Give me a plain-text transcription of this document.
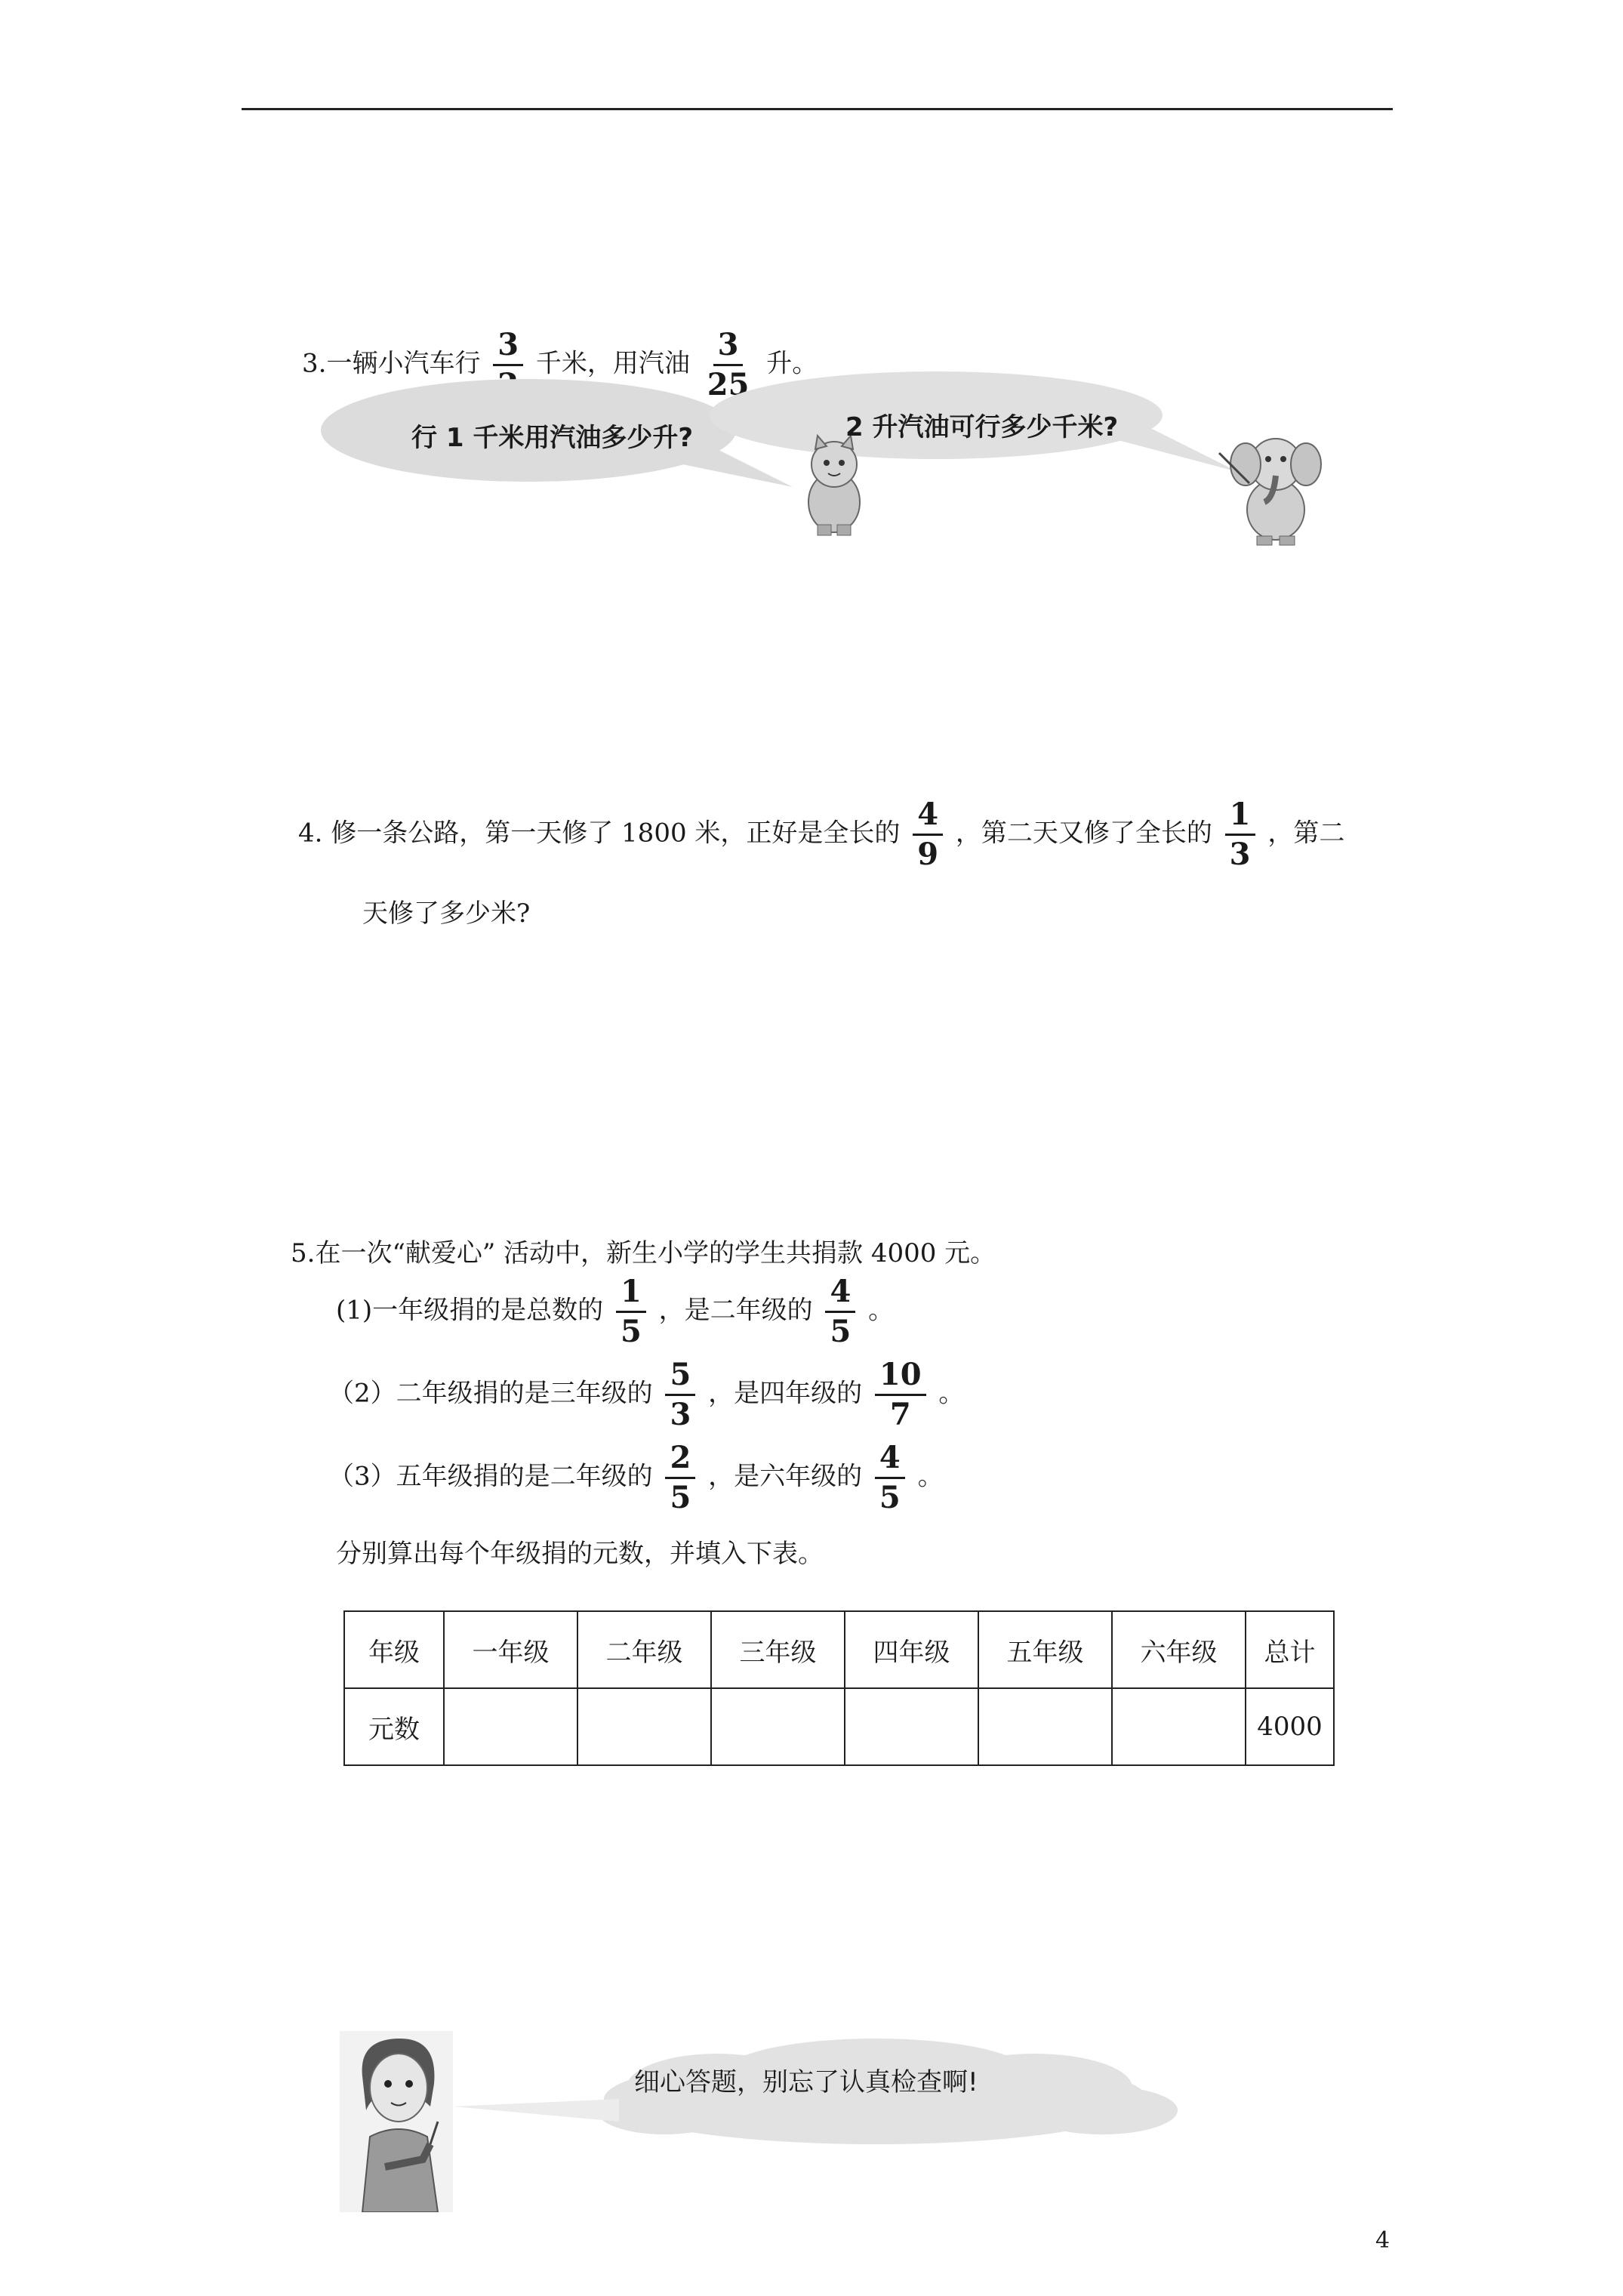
3.一辆小汽车行
3
千米，用汽油 $\frac{3}{25}$ 升。
行 1 千米用汽油多少升?	2 升汽油可行多少千米?
4. 修一条公路，第一天修了 1800 米，正好是全长的 $\frac{4}{9}$ ，第二天又修了全长的 $\frac{1}{3}$ ，第二
天修了多少米?
5.在一次“献爱心” 活动中，新生小学的学生共捐款 4000 元。
(1)一年级捐的是总数的 $\frac{1}{5}$ ，是二年级的 $\frac{4}{5}$ 。
（2）二年级捐的是三年级的 $\frac{5}{3}$ ，是四年级的 $\frac{10}{7}$ 。
（3）五年级捐的是二年级的 $\frac{2}{5}$ ，是六年级的 $\frac{4}{5}$ 。
分别算出每个年级捐的元数，并填入下表。
年级	一年级	二年级	三年级	四年级	五年级	六年级	总计
元数							4000
细心答题，别忘了认真检查啊!
4
